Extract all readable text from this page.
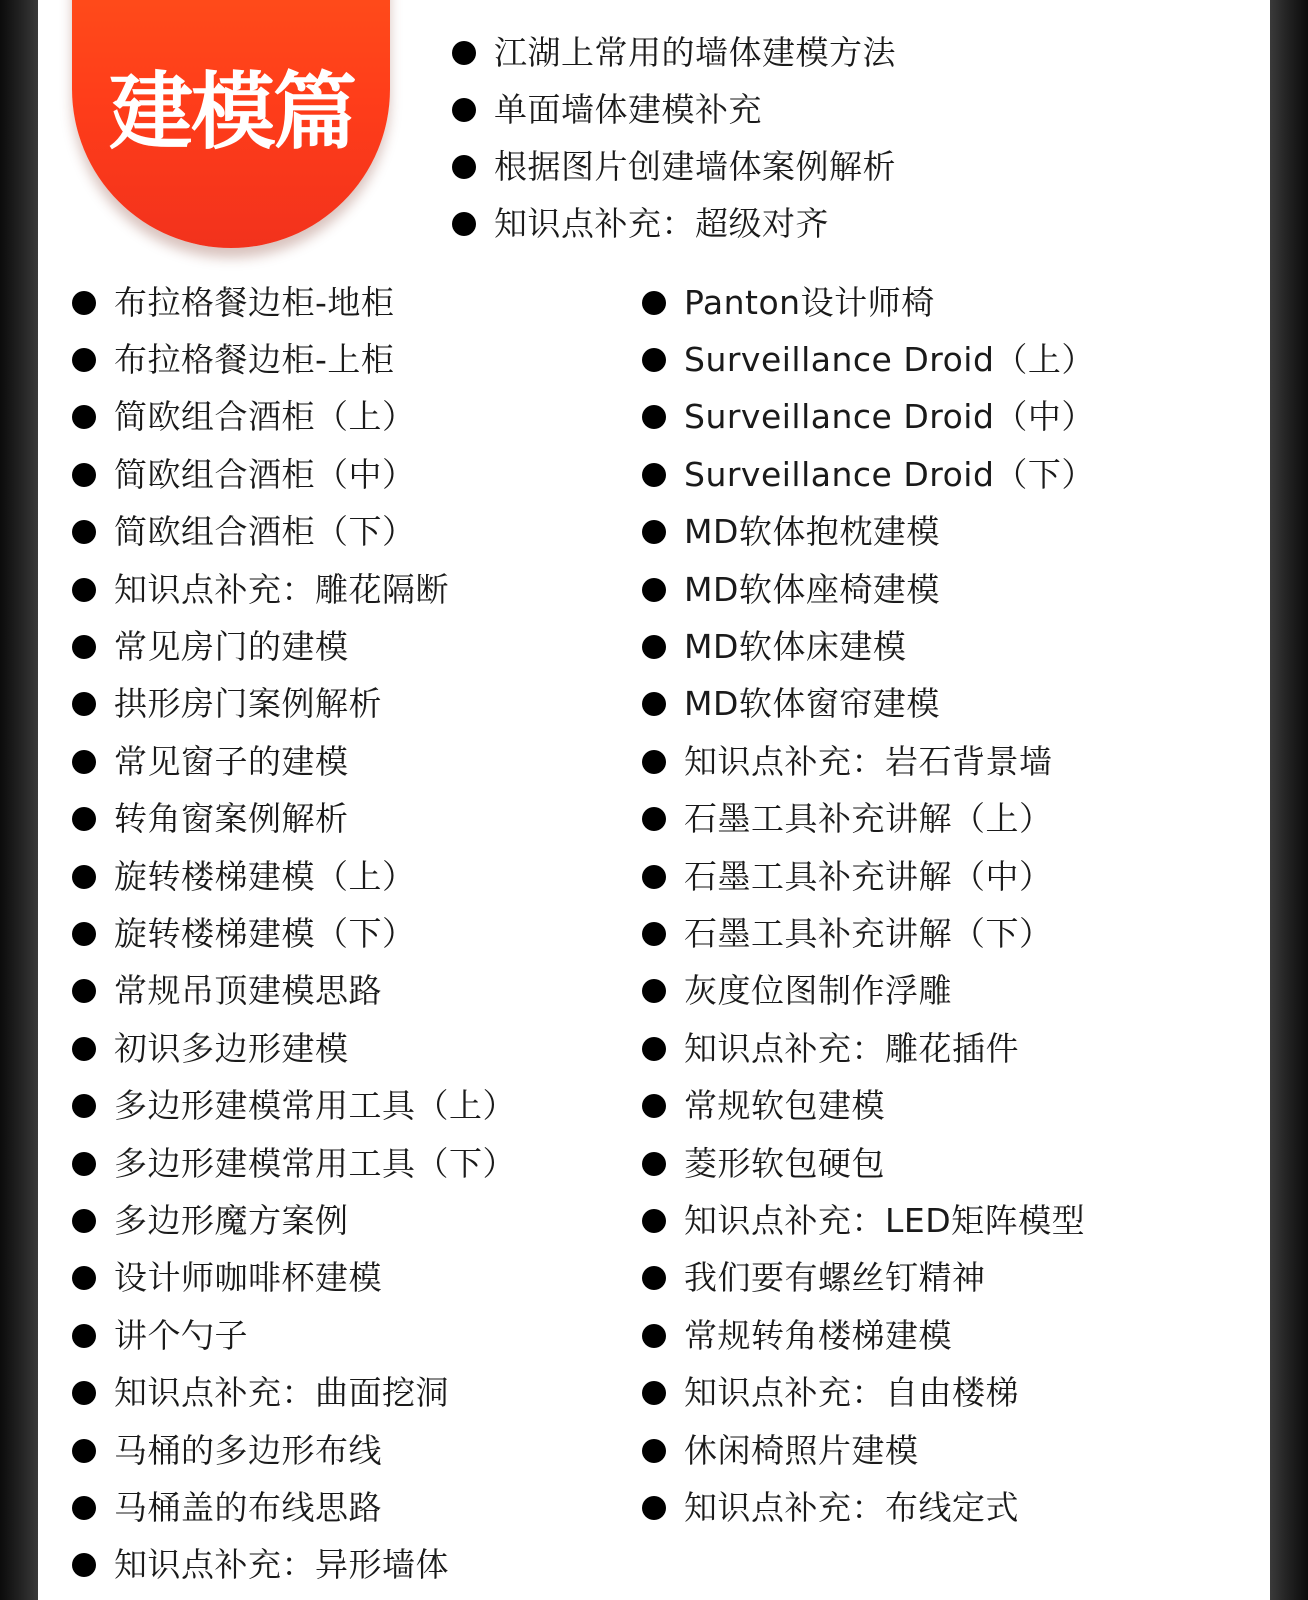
建模篇
江湖上常用的墙体建模方法
单面墙体建模补充
根据图片创建墙体案例解析
知识点补充：超级对齐
布拉格餐边柜-地柜
布拉格餐边柜-上柜
简欧组合酒柜（上）
简欧组合酒柜（中）
简欧组合酒柜（下）
知识点补充：雕花隔断
常见房门的建模
拱形房门案例解析
常见窗子的建模
转角窗案例解析
旋转楼梯建模（上）
旋转楼梯建模（下）
常规吊顶建模思路
初识多边形建模
多边形建模常用工具（上）
多边形建模常用工具（下）
多边形魔方案例
设计师咖啡杯建模
讲个勺子
知识点补充：曲面挖洞
马桶的多边形布线
马桶盖的布线思路
知识点补充：异形墙体
Panton设计师椅
Surveillance Droid（上）
Surveillance Droid（中）
Surveillance Droid（下）
MD软体抱枕建模
MD软体座椅建模
MD软体床建模
MD软体窗帘建模
知识点补充：岩石背景墙
石墨工具补充讲解（上）
石墨工具补充讲解（中）
石墨工具补充讲解（下）
灰度位图制作浮雕
知识点补充：雕花插件
常规软包建模
菱形软包硬包
知识点补充：LED矩阵模型
我们要有螺丝钉精神
常规转角楼梯建模
知识点补充：自由楼梯
休闲椅照片建模
知识点补充：布线定式
